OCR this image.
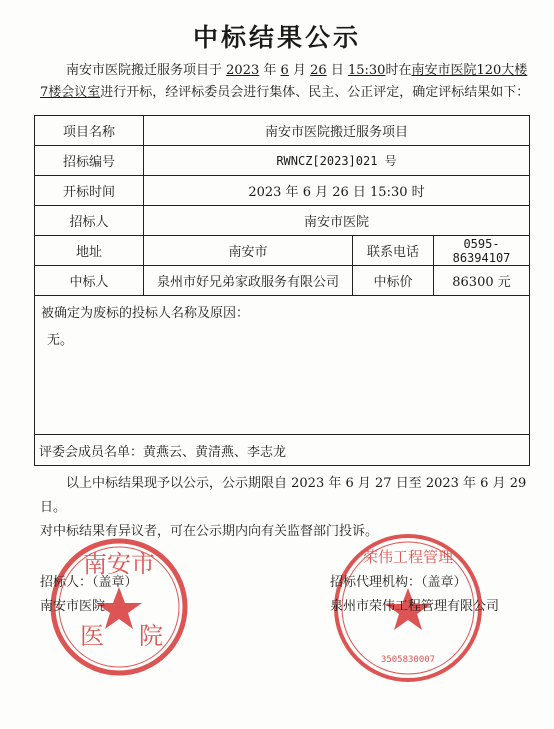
中标结果公示
南安市医院搬迁服务项目于 2023 年 6 月 26 日 15:30时在南安市医院120大楼7楼会议室进行开标，经评标委员会进行集体、民主、公正评定，确定评标结果如下：
项目名称	南安市医院搬迁服务项目		
招标编号	RWNCZ[2023]021 号		
开标时间	2023 年 6 月 26 日 15:30 时		
招标人	南安市医院		
地址	南安市	联系电话	0595-86394107
中标人	泉州市好兄弟家政服务有限公司	中标价	86300 元

被确定为废标的投标人名称及原因：
无。			

评委会成员名单：黄燕云、黄清燕、李志龙			

以上中标结果现予以公示，公示期限自 2023 年 6 月 27 日至 2023 年 6 月 29 日。

对中标结果有异议者，可在公示期内向有关监督部门投诉。

南安市
医 院
荣伟工程管理
3505830007
招标人：（盖章）
南安市医院
招标代理机构：（盖章）
泉州市荣伟工程管理有限公司
